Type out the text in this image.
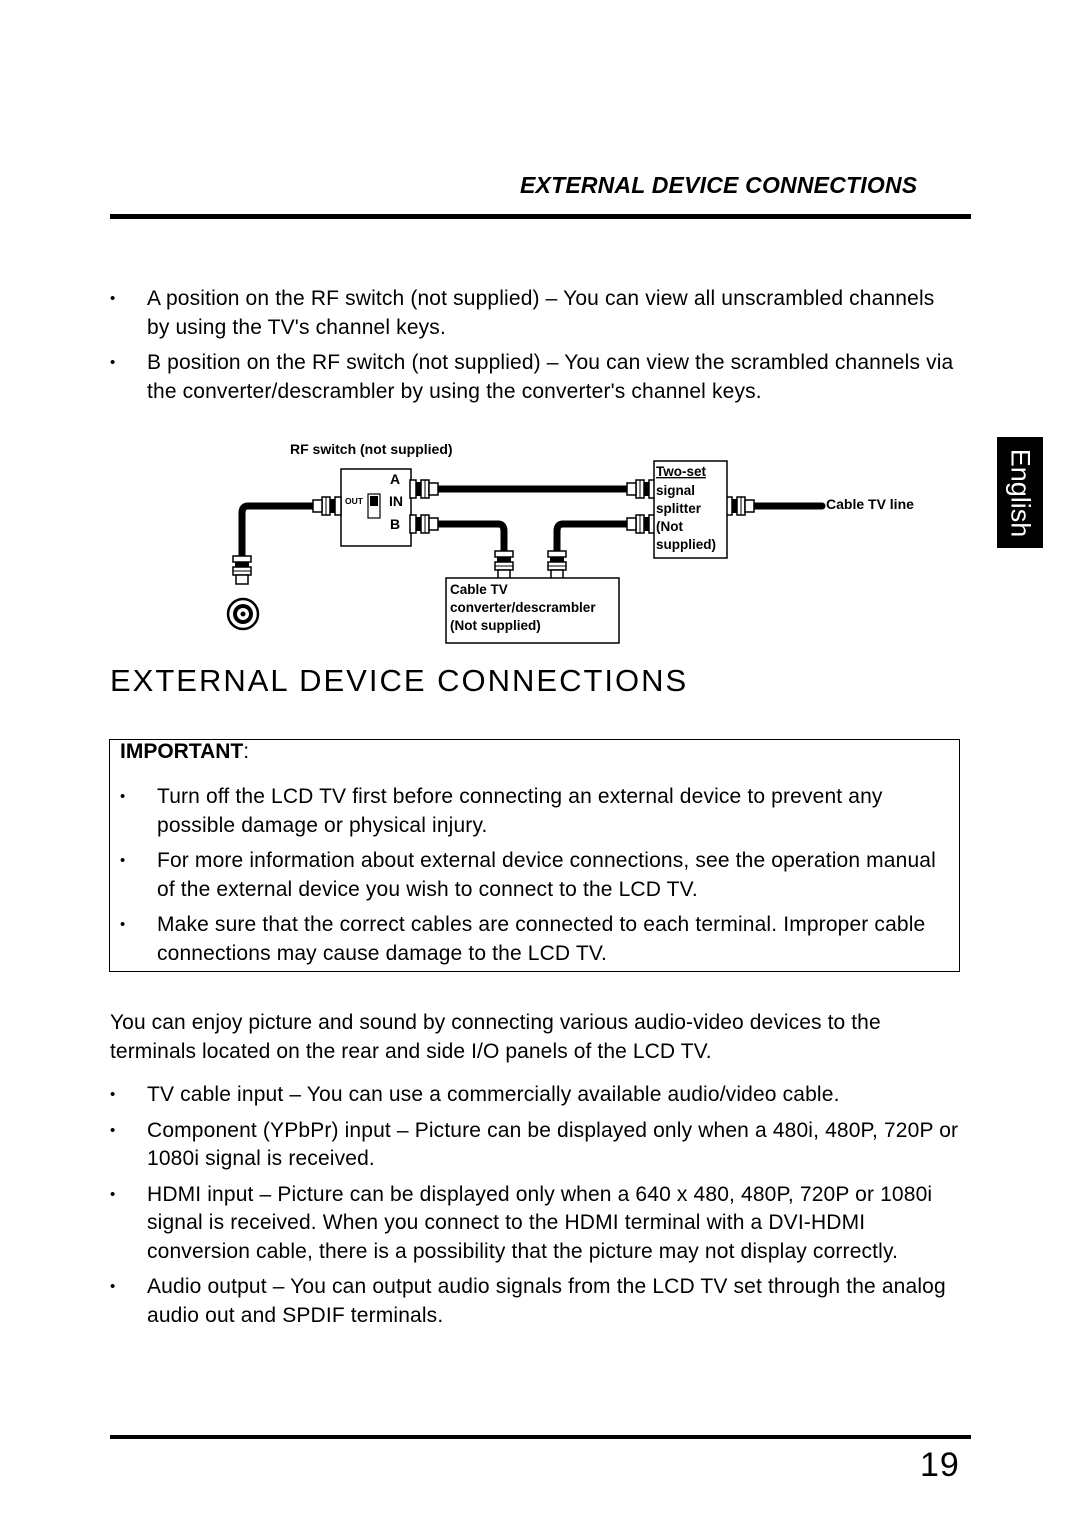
EXTERNAL DEVICE CONNECTIONS
• A position on the RF switch (not supplied) – You can view all unscrambled channels by using the TV's channel keys.
• B position on the RF switch (not supplied) – You can view the scrambled channels via the converter/descrambler by using the converter's channel keys.
English
RF switch (not supplied)
OUT
A
IN
B
Two-set signal splitter (Not supplied)
Cable TV line
Cable TV converter/descrambler (Not supplied)
EXTERNAL DEVICE CONNECTIONS
IMPORTANT:
• Turn off the LCD TV first before connecting an external device to prevent any possible damage or physical injury.
• For more information about external device connections, see the operation manual of the external device you wish to connect to the LCD TV.
• Make sure that the correct cables are connected to each terminal. Improper cable connections may cause damage to the LCD TV.
You can enjoy picture and sound by connecting various audio-video devices to the terminals located on the rear and side I/O panels of the LCD TV.
• TV cable input – You can use a commercially available audio/video cable.
• Component (YPbPr) input – Picture can be displayed only when a 480i, 480P, 720P or 1080i signal is received.
• HDMI input – Picture can be displayed only when a 640 x 480, 480P, 720P or 1080i signal is received. When you connect to the HDMI terminal with a DVI-HDMI conversion cable, there is a possibility that the picture may not display correctly.
• Audio output – You can output audio signals from the LCD TV set through the analog audio out and SPDIF terminals.
19
